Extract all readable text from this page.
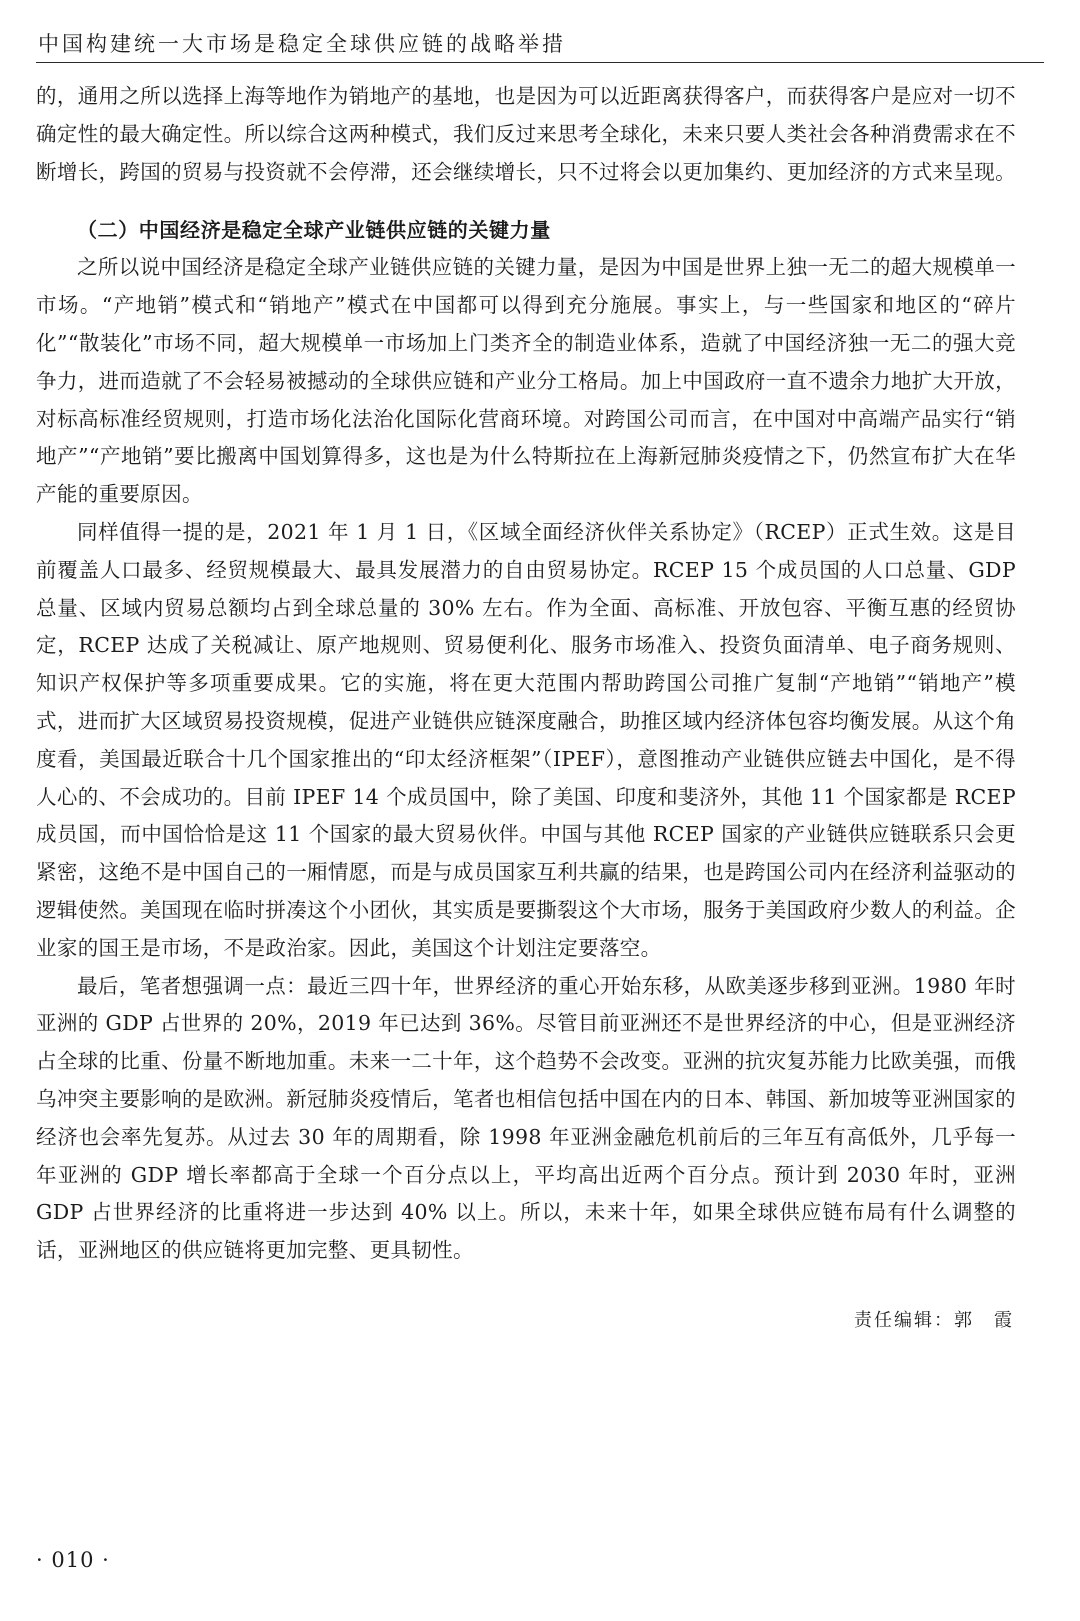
中国构建统一大市场是稳定全球供应链的战略举措

的，通用之所以选择上海等地作为销地产的基地，也是因为可以近距离获得客户，而获得客户是应对一切不确定性的最大确定性。所以综合这两种模式，我们反过来思考全球化，未来只要人类社会各种消费需求在不断增长，跨国的贸易与投资就不会停滞，还会继续增长，只不过将会以更加集约、更加经济的方式来呈现。

（二）中国经济是稳定全球产业链供应链的关键力量

之所以说中国经济是稳定全球产业链供应链的关键力量，是因为中国是世界上独一无二的超大规模单一市场。“产地销”模式和“销地产”模式在中国都可以得到充分施展。事实上，与一些国家和地区的“碎片化”“散装化”市场不同，超大规模单一市场加上门类齐全的制造业体系，造就了中国经济独一无二的强大竞争力，进而造就了不会轻易被撼动的全球供应链和产业分工格局。加上中国政府一直不遗余力地扩大开放，对标高标准经贸规则，打造市场化法治化国际化营商环境。对跨国公司而言，在中国对中高端产品实行“销地产”“产地销”要比搬离中国划算得多，这也是为什么特斯拉在上海新冠肺炎疫情之下，仍然宣布扩大在华产能的重要原因。

同样值得一提的是，2021 年 1 月 1 日，《区域全面经济伙伴关系协定》（RCEP）正式生效。这是目前覆盖人口最多、经贸规模最大、最具发展潜力的自由贸易协定。RCEP 15 个成员国的人口总量、GDP 总量、区域内贸易总额均占到全球总量的 30% 左右。作为全面、高标准、开放包容、平衡互惠的经贸协定，RCEP 达成了关税减让、原产地规则、贸易便利化、服务市场准入、投资负面清单、电子商务规则、知识产权保护等多项重要成果。它的实施，将在更大范围内帮助跨国公司推广复制“产地销”“销地产”模式，进而扩大区域贸易投资规模，促进产业链供应链深度融合，助推区域内经济体包容均衡发展。从这个角度看，美国最近联合十几个国家推出的“印太经济框架”（IPEF），意图推动产业链供应链去中国化，是不得人心的、不会成功的。目前 IPEF 14 个成员国中，除了美国、印度和斐济外，其他 11 个国家都是 RCEP 成员国，而中国恰恰是这 11 个国家的最大贸易伙伴。中国与其他 RCEP 国家的产业链供应链联系只会更紧密，这绝不是中国自己的一厢情愿，而是与成员国家互利共赢的结果，也是跨国公司内在经济利益驱动的逻辑使然。美国现在临时拼凑这个小团伙，其实质是要撕裂这个大市场，服务于美国政府少数人的利益。企业家的国王是市场，不是政治家。因此，美国这个计划注定要落空。

最后，笔者想强调一点：最近三四十年，世界经济的重心开始东移，从欧美逐步移到亚洲。1980 年时亚洲的 GDP 占世界的 20%，2019 年已达到 36%。尽管目前亚洲还不是世界经济的中心，但是亚洲经济占全球的比重、份量不断地加重。未来一二十年，这个趋势不会改变。亚洲的抗灾复苏能力比欧美强，而俄乌冲突主要影响的是欧洲。新冠肺炎疫情后，笔者也相信包括中国在内的日本、韩国、新加坡等亚洲国家的经济也会率先复苏。从过去 30 年的周期看，除 1998 年亚洲金融危机前后的三年互有高低外，几乎每一年亚洲的 GDP 增长率都高于全球一个百分点以上，平均高出近两个百分点。预计到 2030 年时，亚洲 GDP 占世界经济的比重将进一步达到 40% 以上。所以，未来十年，如果全球供应链布局有什么调整的话，亚洲地区的供应链将更加完整、更具韧性。

责任编辑：郭　霞
· 010 ·
